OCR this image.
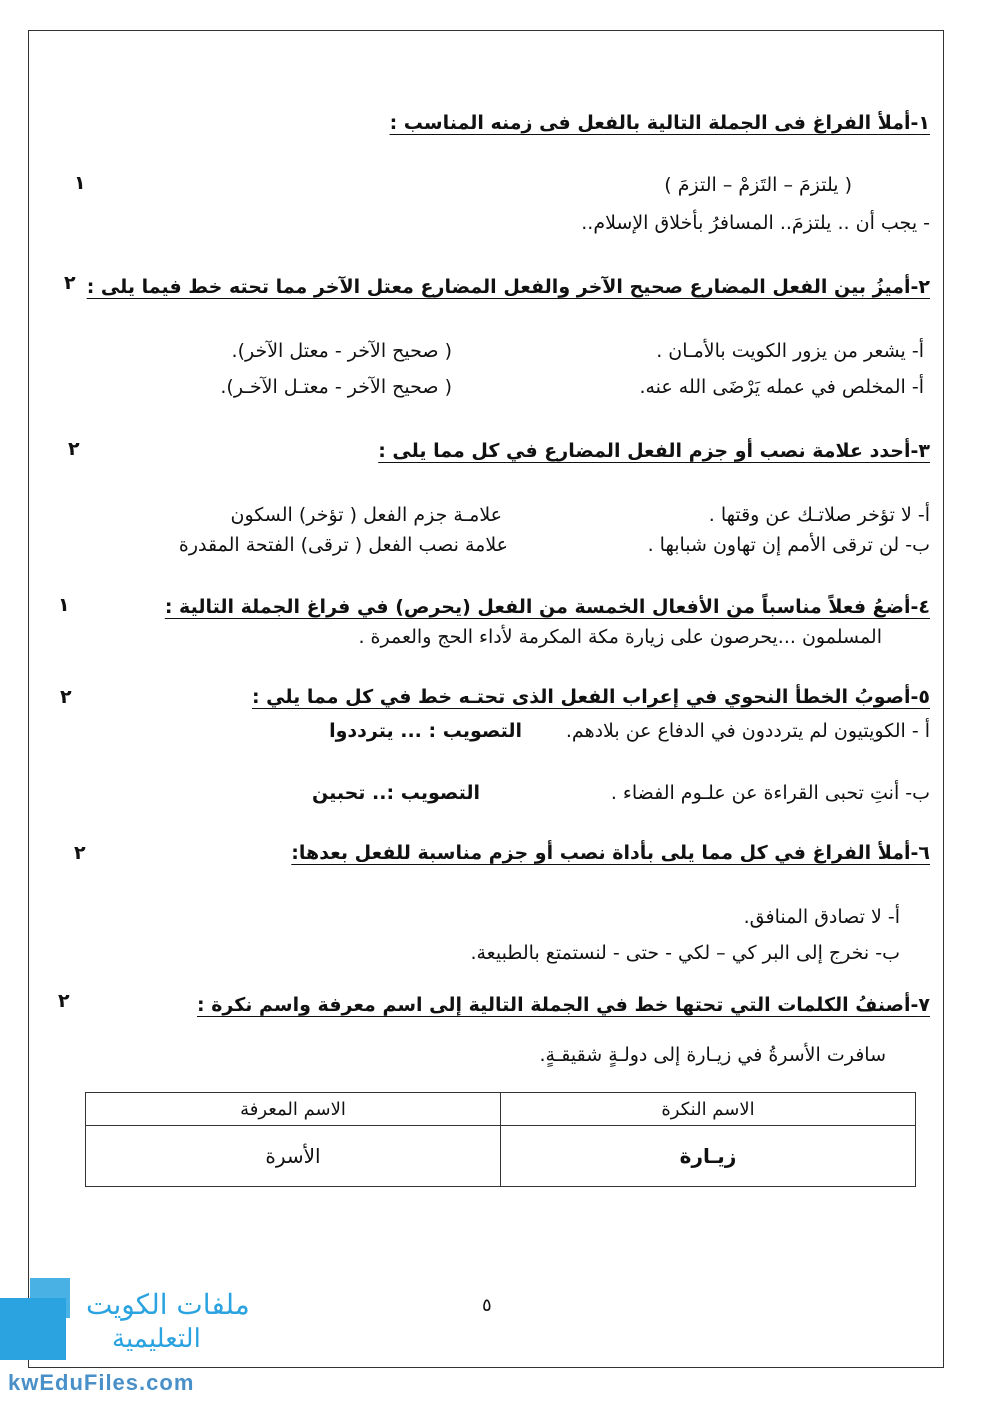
١-أملأ الفراغ فى الجملة التالية بالفعل فى زمنه المناسب :
١	( يلتزمَ – التَزمْ – التزمَ )
- يجب أن .. يلتزمَ.. المسافرُ بأخلاق الإسلام..
٢-أميزُ بين الفعل المضارع صحيح الآخر والفعل المضارع معتل الآخر مما تحته خط فيما يلى :
٢
أ- يشعر من يزور الكويت بالأمـان .
( صحيح الآخر - معتل الآخر).
أ- المخلص في عمله يَرْضَى الله عنه.
( صحيح الآخر - معتـل الآخـر).
٣-أحدد علامة نصب أو جزم الفعل المضارع في كل مما يلى :
٢
أ- لا تؤخر صلاتـك عن وقتها .
علامـة جزم الفعل ( تؤخر) السكون
ب- لن ترقى الأمم إن تهاون شبابها .
علامة نصب الفعل ( ترقى) الفتحة المقدرة
٤-أضعُ فعلاً مناسباً من الأفعال الخمسة من الفعل (يحرص) في فراغ الجملة التالية :
١
المسلمون ...يحرصون على زيارة مكة المكرمة لأداء الحج والعمرة .
٥-أصوبُ الخطأ النحوي في إعراب الفعل الذى تحتـه خط في كل مما يلي :
٢
أ - الكويتيون لم يترددون في الدفاع عن بلادهم.
التصويب : ... يترددوا
ب- أنتِ تحبى القراءة عن علـوم الفضاء .
التصويب :.. تحبين
٦-أملأ الفراغ في كل مما يلى بأداة نصب أو جزم مناسبة للفعل بعدها:
٢
أ- لا تصادق المنافق.
ب- نخرج إلى البر كي – لكي - حتى - لنستمتع بالطبيعة.
٧-أصنفُ الكلمات التي تحتها خط في الجملة التالية إلى اسم معرفة واسم نكرة :
٢
سافرت الأسرةُ في زيـارة إلى دولـةٍ شقيقـةٍ.
الاسم النكرة	الاسم المعرفة
زيـارة	الأسرة
٥
ملفات الكويت
التعليمية
kwEduFiles.com
